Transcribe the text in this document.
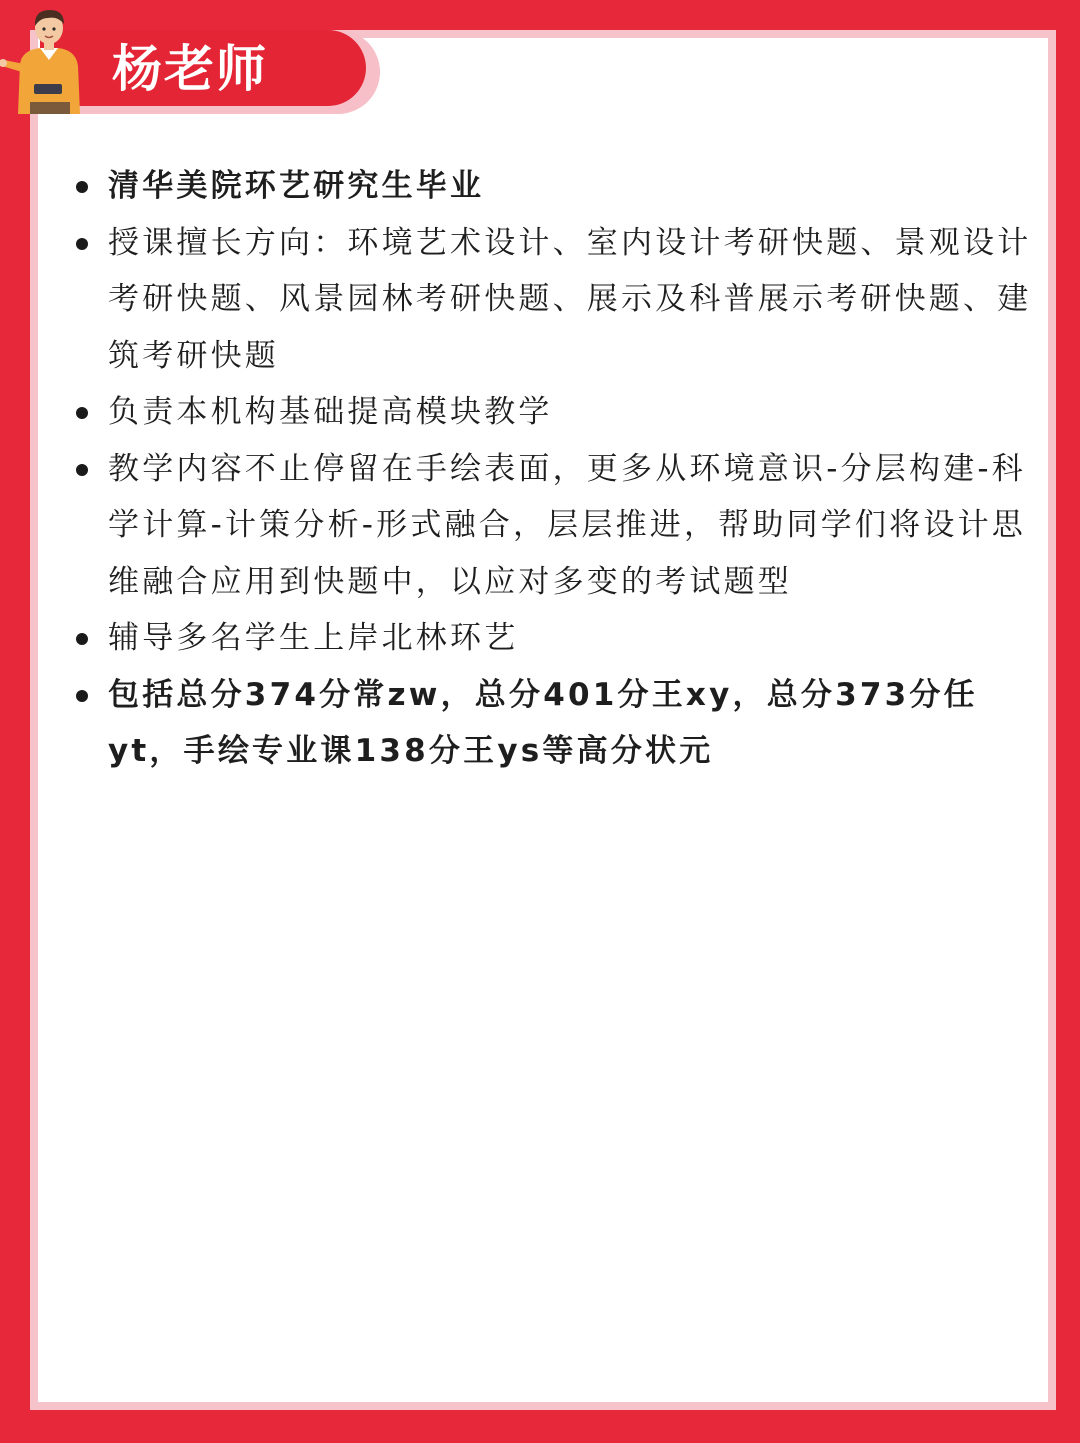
杨老师
清华美院环艺研究生毕业
授课擅长方向：环境艺术设计、室内设计考研快题、景观设计考研快题、风景园林考研快题、展示及科普展示考研快题、建筑考研快题
负责本机构基础提高模块教学
教学内容不止停留在手绘表面，更多从环境意识-分层构建-科学计算-计策分析-形式融合，层层推进，帮助同学们将设计思维融合应用到快题中，以应对多变的考试题型
辅导多名学生上岸北林环艺
包括总分374分常zw，总分401分王xy，总分373分任yt，手绘专业课138分王ys等高分状元
